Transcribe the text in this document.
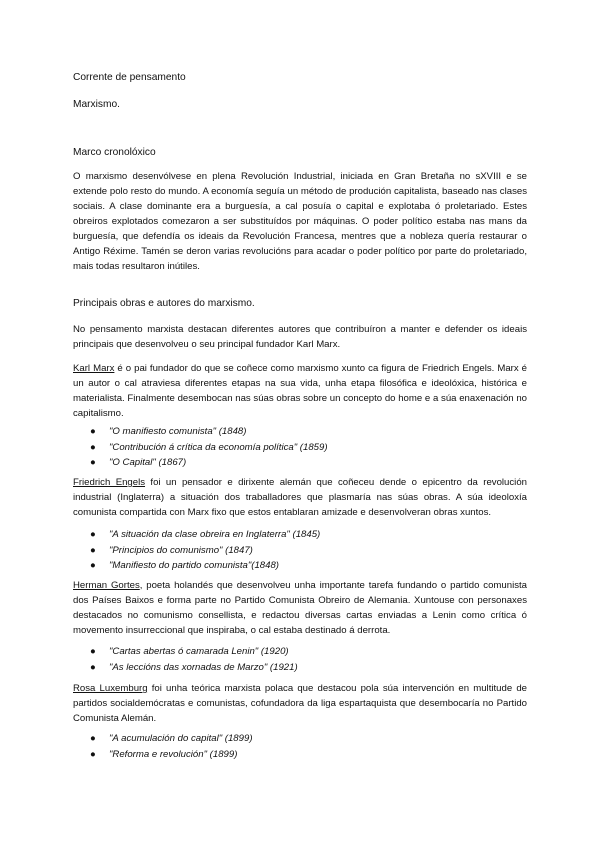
Corrente de pensamento

Marxismo.

Marco cronolóxico

O marxismo desenvólvese en plena Revolución Industrial, iniciada en Gran Bretaña no sXVIII e se extende polo resto do mundo. A economía seguía un método de produción capitalista, baseado nas clases sociais. A clase dominante era a burguesía, a cal posuía o capital e explotaba ó proletariado. Estes obreiros explotados comezaron a ser substituídos por máquinas. O poder político estaba nas mans da burguesía, que defendía os ideais da Revolución Francesa, mentres que a nobleza quería restaurar o Antigo Réxime. Tamén se deron varias revolucións para acadar o poder político por parte do proletariado, mais todas resultaron inútiles.

Principais obras e autores do marxismo.

No pensamento marxista destacan diferentes autores que contribuíron a manter e defender os ideais principais que desenvolveu o seu principal fundador Karl Marx.

Karl Marx é o pai fundador do que se coñece como marxismo xunto ca figura de Friedrich Engels. Marx é un autor o cal atraviesa diferentes etapas na sua vida, unha etapa filosófica e ideolóxica, histórica e materialista. Finalmente desembocan nas súas obras sobre un concepto do home e a súa enaxenación no capitalismo.

● "O manifiesto comunista" (1848)
● "Contribución á crítica da economía política" (1859)
● "O Capital" (1867)

Friedrich Engels foi un pensador e dirixente alemán que coñeceu dende o epicentro da revolución industrial (Inglaterra) a situación dos traballadores que plasmaría nas súas obras. A súa ideoloxía comunista compartida con Marx fixo que estos entablaran amizade e desenvolveran obras xuntos.

● "A situación da clase obreira en Inglaterra" (1845)
● "Principios do comunismo" (1847)
● "Manifiesto do partido comunista"(1848)

Herman Gortes, poeta holandés que desenvolveu unha importante tarefa fundando o partido comunista dos Países Baixos e forma parte no Partido Comunista Obreiro de Alemania. Xuntouse con personaxes destacados no comunismo consellista, e redactou diversas cartas enviadas a Lenin como crítica ó movemento insurreccional que inspiraba, o cal estaba destinado á derrota.

● "Cartas abertas ó camarada Lenin" (1920)
● "As leccións das xornadas de Marzo" (1921)

Rosa Luxemburg foi unha teórica marxista polaca que destacou pola súa intervención en multitude de partidos socialdemócratas e comunistas, cofundadora da liga espartaquista que desembocaría no Partido Comunista Alemán.

● "A acumulación do capital" (1899)
● "Reforma e revolución" (1899)
